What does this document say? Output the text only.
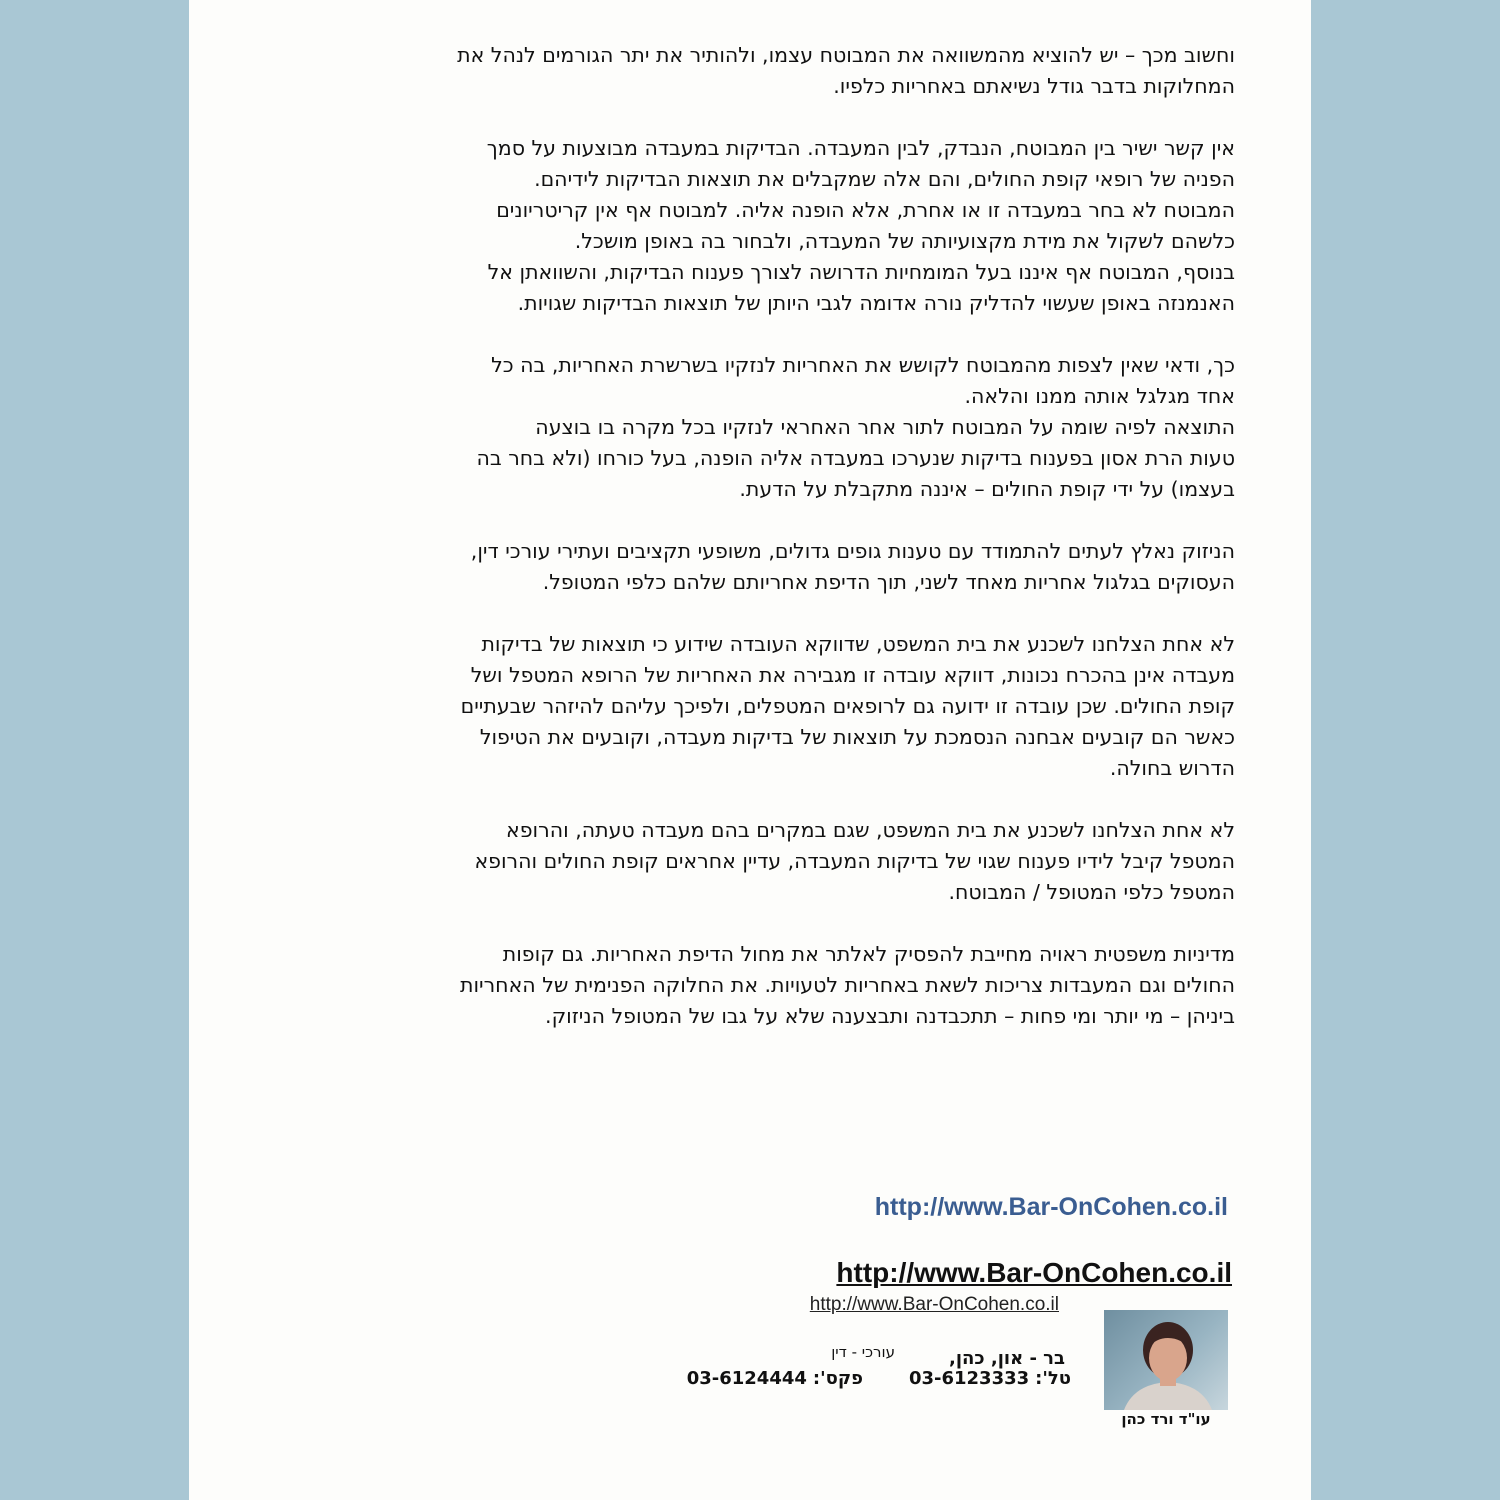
וחשוב מכך – יש להוציא מהמשוואה את המבוטח עצמו, ולהותיר את יתר הגורמים לנהל את
המחלוקות בדבר גודל נשיאתם באחריות כלפיו.

אין קשר ישיר בין המבוטח, הנבדק, לבין המעבדה. הבדיקות במעבדה מבוצעות על סמך
הפניה של רופאי קופת החולים, והם אלה שמקבלים את תוצאות הבדיקות לידיהם.
המבוטח לא בחר במעבדה זו או אחרת, אלא הופנה אליה. למבוטח אף אין קריטריונים
כלשהם לשקול את מידת מקצועיותה של המעבדה, ולבחור בה באופן מושכל.
בנוסף, המבוטח אף איננו בעל המומחיות הדרושה לצורך פענוח הבדיקות, והשוואתן אל
האנמנזה באופן שעשוי להדליק נורה אדומה לגבי היותן של תוצאות הבדיקות שגויות.

כך, ודאי שאין לצפות מהמבוטח לקושש את האחריות לנזקיו בשרשרת האחריות, בה כל
אחד מגלגל אותה ממנו והלאה.
התוצאה לפיה שומה על המבוטח לתור אחר האחראי לנזקיו בכל מקרה בו בוצעה
טעות הרת אסון בפענוח בדיקות שנערכו במעבדה אליה הופנה, בעל כורחו (ולא בחר בה
בעצמו) על ידי קופת החולים – איננה מתקבלת על הדעת.

הניזוק נאלץ לעתים להתמודד עם טענות גופים גדולים, משופעי תקציבים ועתירי עורכי דין,
העסוקים בגלגול אחריות מאחד לשני, תוך הדיפת אחריותם שלהם כלפי המטופל.

לא אחת הצלחנו לשכנע את בית המשפט, שדווקא העובדה שידוע כי תוצאות של בדיקות
מעבדה אינן בהכרח נכונות, דווקא עובדה זו מגבירה את האחריות של הרופא המטפל ושל
קופת החולים. שכן עובדה זו ידועה גם לרופאים המטפלים, ולפיכך עליהם להיזהר שבעתיים
כאשר הם קובעים אבחנה הנסמכת על תוצאות של בדיקות מעבדה, וקובעים את הטיפול
הדרוש בחולה.

לא אחת הצלחנו לשכנע את בית המשפט, שגם במקרים בהם מעבדה טעתה, והרופא
המטפל קיבל לידיו פענוח שגוי של בדיקות המעבדה, עדיין אחראים קופת החולים והרופא
המטפל כלפי המטופל / המבוטח.

מדיניות משפטית ראויה מחייבת להפסיק לאלתר את מחול הדיפת האחריות. גם קופות
החולים וגם המעבדות צריכות לשאת באחריות לטעויות. את החלוקה הפנימית של האחריות
ביניהן – מי יותר ומי פחות – תתכבדנה ותבצענה שלא על גבו של המטופל הניזוק.

http://www.Bar-OnCohen.co.il
http://www.Bar-OnCohen.co.il
http://www.Bar-OnCohen.co.il
עו"ד ורד כהן
בר - און, כהן,
עורכי - דין
טל':03-6123333פקס':03-6124444
